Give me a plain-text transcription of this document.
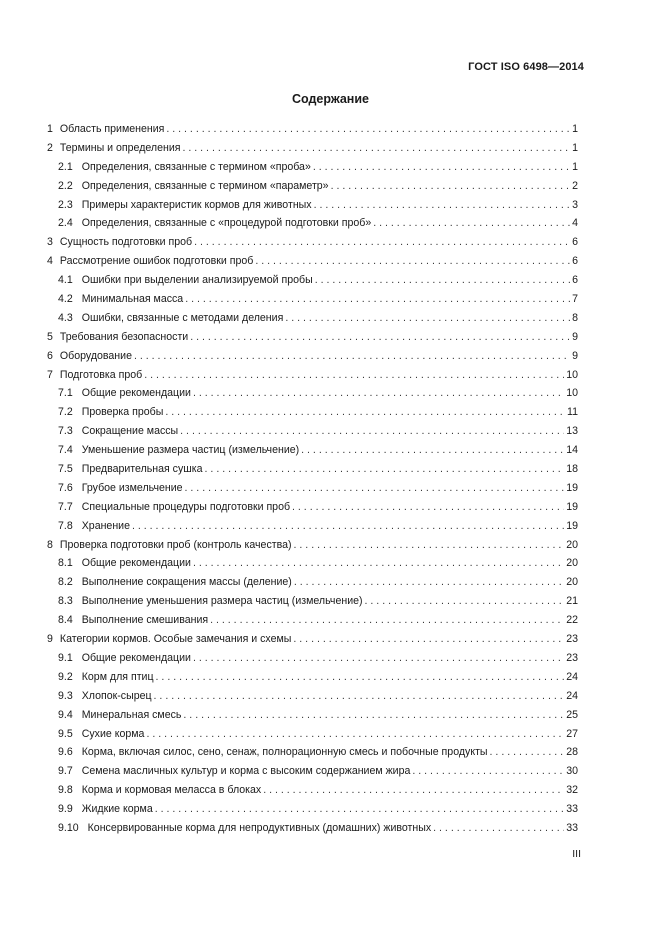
ГОСТ ISO 6498—2014
Содержание
1 Область применения . . .	1
2 Термины и определения . . .	1
2.1 Определения, связанные с термином «проба» . . .	1
2.2 Определения, связанные с термином «параметр» . . .	2
2.3 Примеры характеристик кормов для животных . . .	3
2.4 Определения, связанные с «процедурой подготовки проб» . . .	4
3 Сущность подготовки проб . . .	6
4 Рассмотрение ошибок подготовки проб . . .	6
4.1 Ошибки при выделении анализируемой пробы . . .	6
4.2 Минимальная масса . . .	7
4.3 Ошибки, связанные с методами деления . . .	8
5 Требования безопасности . . .	9
6 Оборудование . . .	9
7 Подготовка проб . . .	10
7.1 Общие рекомендации . . .	10
7.2 Проверка пробы . . .	11
7.3 Сокращение массы . . .	13
7.4 Уменьшение размера частиц (измельчение) . . .	14
7.5 Предварительная сушка . . .	18
7.6 Грубое измельчение . . .	19
7.7 Специальные процедуры подготовки проб . . .	19
7.8 Хранение . . .	19
8 Проверка подготовки проб (контроль качества) . . .	20
8.1 Общие рекомендации . . .	20
8.2 Выполнение сокращения массы (деление) . . .	20
8.3 Выполнение уменьшения размера частиц (измельчение) . . .	21
8.4 Выполнение смешивания . . .	22
9 Категории кормов. Особые замечания и схемы . . .	23
9.1 Общие рекомендации . . .	23
9.2 Корм для птиц . . .	24
9.3 Хлопок-сырец . . .	24
9.4 Минеральная смесь . . .	25
9.5 Сухие корма . . .	27
9.6 Корма, включая силос, сено, сенаж, полнорационную смесь и побочные продукты . . .	28
9.7 Семена масличных культур и корма с высоким содержанием жира . . .	30
9.8 Корма и кормовая меласса в блоках . . .	32
9.9 Жидкие корма . . .	33
9.10 Консервированные корма для непродуктивных (домашних) животных . . .	33
III
